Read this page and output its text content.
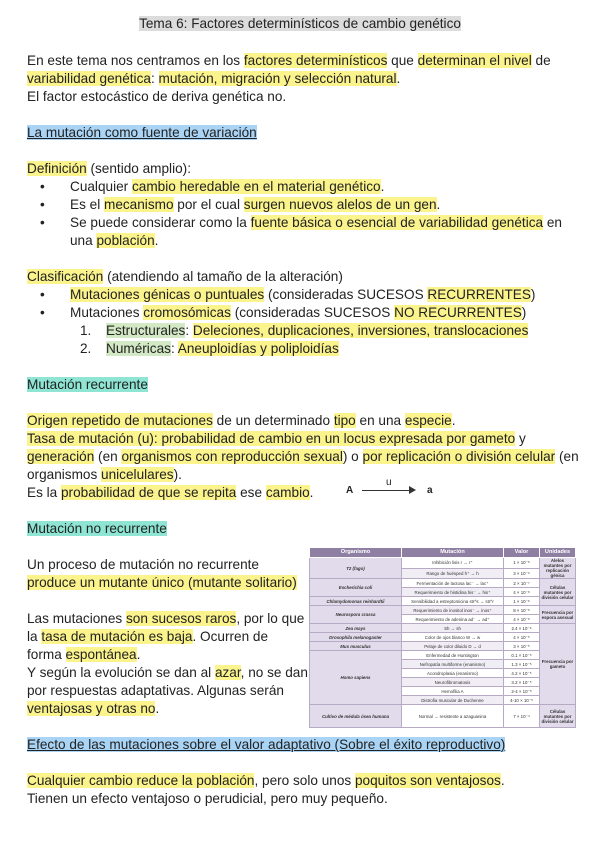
Tema 6: Factores determinísticos de cambio genético
En este tema nos centramos en los factores determinísticos que determinan el nivel de
variabilidad genética: mutación, migración y selección natural.
El factor estocástico de deriva genética no.
La mutación como fuente de variación
Definición (sentido amplio):
• Cualquier cambio heredable en el material genético.
• Es el mecanismo por el cual surgen nuevos alelos de un gen.
• Se puede considerar como la fuente básica o esencial de variabilidad genética en
una población.
Clasificación (atendiendo al tamaño de la alteración)
• Mutaciones génicas o puntuales (consideradas SUCESOS RECURRENTES)
• Mutaciones cromosómicas (consideradas SUCESOS NO RECURRENTES)
1. Estructurales: Deleciones, duplicaciones, inversiones, translocaciones
2. Numéricas: Aneuploidías y poliploidías
Mutación recurrente
Origen repetido de mutaciones de un determinado tipo en una especie.
Tasa de mutación (u): probabilidad de cambio en un locus expresada por gameto y
generación (en organismos con reproducción sexual) o por replicación o división celular (en
organismos unicelulares).
Es la probabilidad de que se repita ese cambio.	A
u
a
Mutación no recurrente
Un proceso de mutación no recurrente
produce un mutante único (mutante solitario)
Las mutaciones son sucesos raros, por lo que
la tasa de mutación es baja. Ocurren de
forma espontánea.
Y según la evolución se dan al azar, no se dan
por respuestas adaptativas. Algunas serán
ventajosas y otras no.
Organismo	Mutación	Valor	Unidades
T2 (fago)	Inhibición lisis r → r⁺	1 × 10⁻⁸	Alelos mutantes por replicación génica
	Rango de huésped h⁺ → h	3 × 10⁻⁹	
Escherichia coli	Fermentación de lactosa lac⁻ → lac⁺	2 × 10⁻⁷	Células mutantes por división celular
	Requerimiento de histidina his⁻ → his⁺	4 × 10⁻⁸	
Chlamydomonas reinhardtii	Sensibilidad a estreptomicina str^s → str^r	1 × 10⁻⁶	
Neurospora crassa	Requerimiento de inositol inos⁻ → inos⁺	8 × 10⁻⁸	Frecuencia por espora asexual
	Requerimiento de adenina ad⁻ → ad⁺	4 × 10⁻⁸	
Zea mays	Sh → sh	2.4 × 10⁻⁶	Frecuencia por gameto
Drosophila melanogaster	Color de ojos blanco W → w	4 × 10⁻⁵	
Mus musculus	Pelaje de color diluido D → d	3 × 10⁻⁵	
Homo sapiens	Enfermedad de Huntington	0.1 × 10⁻⁵	
	Nefropatía multiforme (enanismo)	1.3 × 10⁻⁵	
	Acondroplasia (enanismo)	4.2 × 10⁻⁵	
	Neurofibromatosis	3.2 × 10⁻⁵	
	Hemofilia A	2-4 × 10⁻⁵	
	Distrofia muscular de Duchenne	4-10 × 10⁻⁵	
Cultivo de médula ósea humana	Normal → resistente a azaguanina	7 × 10⁻⁴	Células mutantes por división celular
Efecto de las mutaciones sobre el valor adaptativo (Sobre el éxito reproductivo)
Cualquier cambio reduce la población, pero solo unos poquitos son ventajosos.
Tienen un efecto ventajoso o perudicial, pero muy pequeño.
